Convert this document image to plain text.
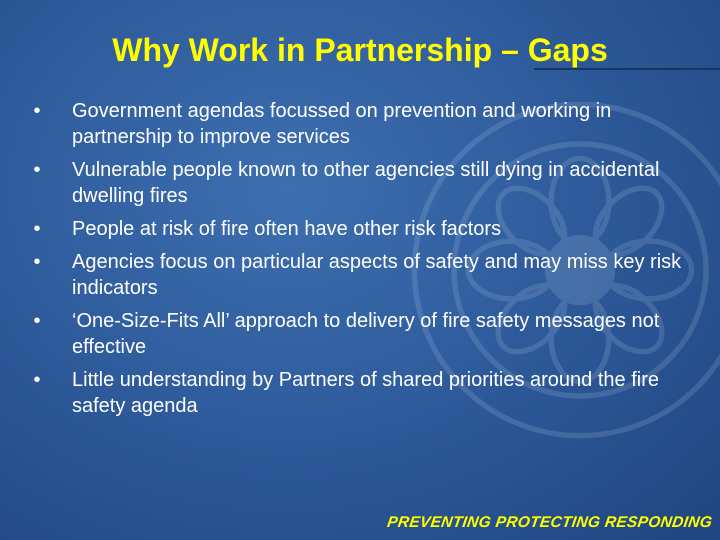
Why Work in Partnership – Gaps
• Government agendas focussed on prevention and working in partnership to improve services
• Vulnerable people known to other agencies still dying in accidental dwelling fires
• People at risk of fire often have other risk factors
• Agencies focus on particular aspects of safety and may miss key risk indicators
• ‘One-Size-Fits All’ approach to delivery of fire safety messages not effective
• Little understanding by Partners of shared priorities around the fire safety agenda
PREVENTING PROTECTING RESPONDING
